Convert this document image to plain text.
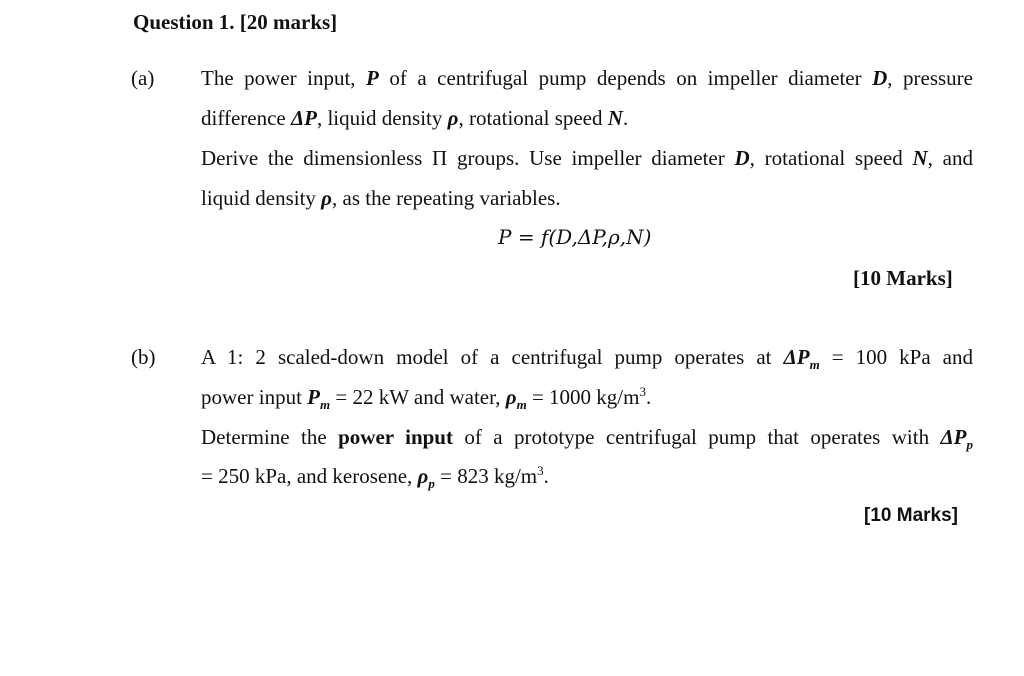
Question 1. [20 marks]
(a) The power input, P of a centrifugal pump depends on impeller diameter D, pressure
difference ΔP, liquid density ρ, rotational speed N.
Derive the dimensionless Π groups. Use impeller diameter D, rotational speed N, and
liquid density ρ, as the repeating variables.
P = f(D,ΔP,ρ,N)
[10 Marks]
(b) A 1: 2 scaled-down model of a centrifugal pump operates at $\Delta P_m = 100$ kPa and
power input $P_m = 22$ kW and water, $\rho_m = 1000$ $kg/m^3$.
Determine the power input of a prototype centrifugal pump that operates with $\Delta P_p$
= 250 kPa, and kerosene, $\rho_p = 823$ $kg/m^3$.
[10 Marks]
